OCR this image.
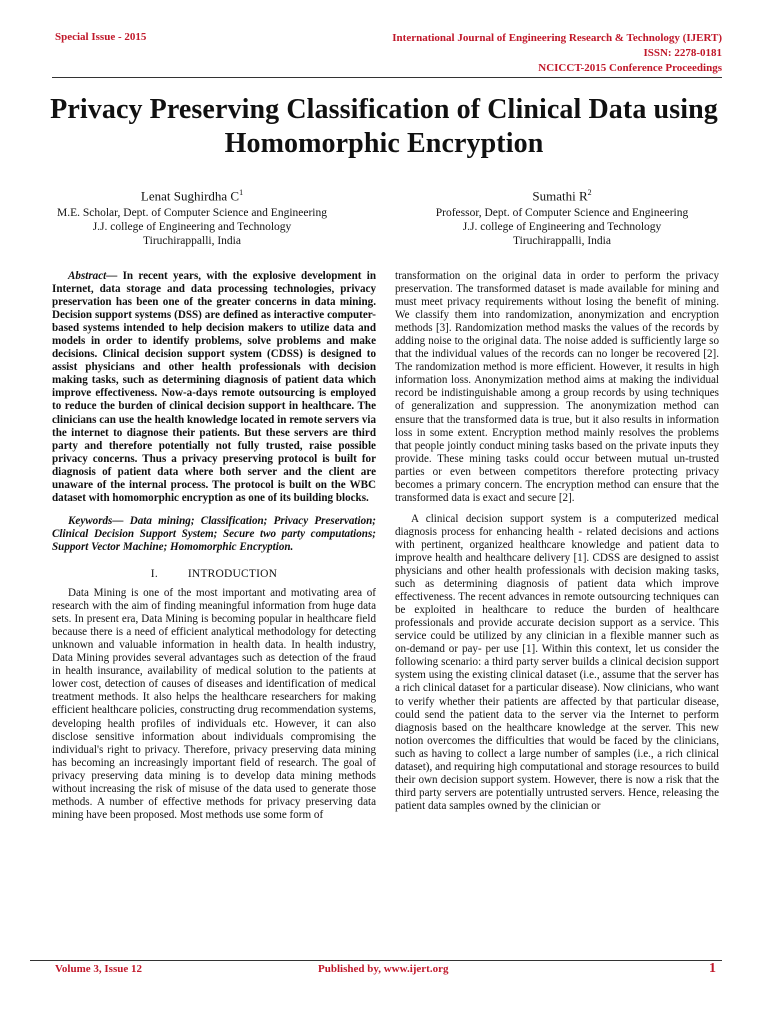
Special Issue - 2015	International Journal of Engineering Research & Technology (IJERT)
ISSN: 2278-0181
NCICCT-2015 Conference Proceedings
Privacy Preserving Classification of Clinical Data using Homomorphic Encryption
Lenat Sughirdha $C^1$
M.E. Scholar, Dept. of Computer Science and Engineering
J.J. college of Engineering and Technology
Tiruchirappalli, India
Sumathi $R^2$
Professor, Dept. of Computer Science and Engineering
J.J. college of Engineering and Technology
Tiruchirappalli, India

Abstract— In recent years, with the explosive development in Internet, data storage and data processing technologies, privacy preservation has been one of the greater concerns in data mining. Decision support systems (DSS) are defined as interactive computer-based systems intended to help decision makers to utilize data and models in order to identify problems, solve problems and make decisions. Clinical decision support system (CDSS) is designed to assist physicians and other health professionals with decision making tasks, such as determining diagnosis of patient data which improve effectiveness. Now-a-days remote outsourcing is employed to reduce the burden of clinical decision support in healthcare. The clinicians can use the health knowledge located in remote servers via the internet to diagnose their patients. But these servers are third party and therefore potentially not fully trusted, raise possible privacy concerns. Thus a privacy preserving protocol is built for diagnosis of patient data where both server and the client are unaware of the internal process. The protocol is built on the WBC dataset with homomorphic encryption as one of its building blocks.

Keywords— Data mining; Classification; Privacy Preservation; Clinical Decision Support System; Secure two party computations; Support Vector Machine; Homomorphic Encryption.

I.	INTRODUCTION

Data Mining is one of the most important and motivating area of research with the aim of finding meaningful information from huge data sets. In present era, Data Mining is becoming popular in healthcare field because there is a need of efficient analytical methodology for detecting unknown and valuable information in health data. In health industry, Data Mining provides several advantages such as detection of the fraud in health insurance, availability of medical solution to the patients at lower cost, detection of causes of diseases and identification of medical treatment methods. It also helps the healthcare researchers for making efficient healthcare policies, constructing drug recommendation systems, developing health profiles of individuals etc. However, it can also disclose sensitive information about individuals compromising the individual's right to privacy. Therefore, privacy preserving data mining has becoming an increasingly important field of research. The goal of privacy preserving data mining is to develop data mining methods without increasing the risk of misuse of the data used to generate those methods. A number of effective methods for privacy preserving data mining have been proposed. Most methods use some form of

transformation on the original data in order to perform the privacy preservation. The transformed dataset is made available for mining and must meet privacy requirements without losing the benefit of mining. We classify them into randomization, anonymization and encryption methods [3]. Randomization method masks the values of the records by adding noise to the original data. The noise added is sufficiently large so that the individual values of the records can no longer be recovered [2]. The randomization method is more efficient. However, it results in high information loss. Anonymization method aims at making the individual record be indistinguishable among a group records by using techniques of generalization and suppression. The anonymization method can ensure that the transformed data is true, but it also results in information loss in some extent. Encryption method mainly resolves the problems that people jointly conduct mining tasks based on the private inputs they provide. These mining tasks could occur between mutual un-trusted parties or even between competitors therefore protecting privacy becomes a primary concern. The encryption method can ensure that the transformed data is exact and secure [2].

A clinical decision support system is a computerized medical diagnosis process for enhancing health - related decisions and actions with pertinent, organized healthcare knowledge and patient data to improve health and healthcare delivery [1]. CDSS are designed to assist physicians and other health professionals with decision making tasks, such as determining diagnosis of patient data which improve effectiveness. The recent advances in remote outsourcing techniques can be exploited in healthcare to reduce the burden of healthcare professionals and provide accurate decision support as a service. This service could be utilized by any clinician in a flexible manner such as on-demand or pay- per use [1]. Within this context, let us consider the following scenario: a third party server builds a clinical decision support system using the existing clinical dataset (i.e., assume that the server has a rich clinical dataset for a particular disease). Now clinicians, who want to verify whether their patients are affected by that particular disease, could send the patient data to the server via the Internet to perform diagnosis based on the healthcare knowledge at the server. This new notion overcomes the difficulties that would be faced by the clinicians, such as having to collect a large number of samples (i.e., a rich clinical dataset), and requiring high computational and storage resources to build their own decision support system. However, there is now a risk that the third party servers are potentially untrusted servers. Hence, releasing the patient data samples owned by the clinician or

Volume 3, Issue 12	Published by, www.ijert.org	1
